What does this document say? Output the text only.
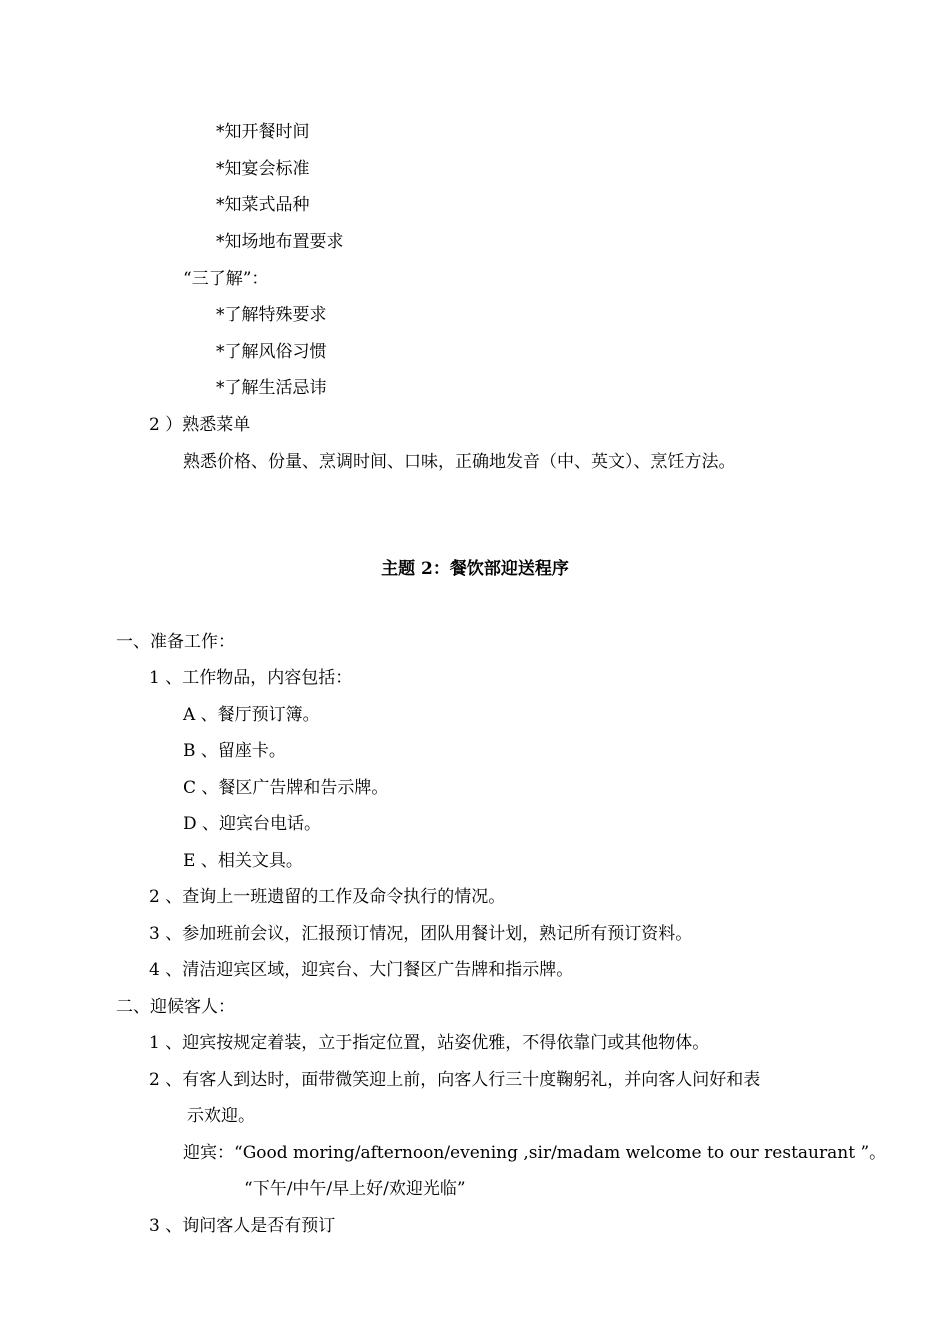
*知开餐时间

*知宴会标准

*知菜式品种

*知场地布置要求

“三了解”：

*了解特殊要求

*了解风俗习惯

*了解生活忌讳

2 ）熟悉菜单

熟悉价格、份量、烹调时间、口味，正确地发音（中、英文）、烹饪方法。

主题 2：餐饮部迎送程序

一、准备工作：

1 、工作物品，内容包括：

A 、餐厅预订簿。

B 、留座卡。

C 、餐区广告牌和告示牌。

D 、迎宾台电话。

E 、相关文具。

2 、查询上一班遗留的工作及命令执行的情况。

3 、参加班前会议，汇报预订情况，团队用餐计划，熟记所有预订资料。

4 、清洁迎宾区域，迎宾台、大门餐区广告牌和指示牌。

二、迎候客人：

1 、迎宾按规定着装，立于指定位置，站姿优雅，不得依靠门或其他物体。

2 、有客人到达时，面带微笑迎上前，向客人行三十度鞠躬礼，并向客人问好和表

示欢迎。

迎宾：“Good moring/afternoon/evening ,sir/madam welcome to our restaurant ”。

“下午/中午/早上好/欢迎光临”

3 、询问客人是否有预订
